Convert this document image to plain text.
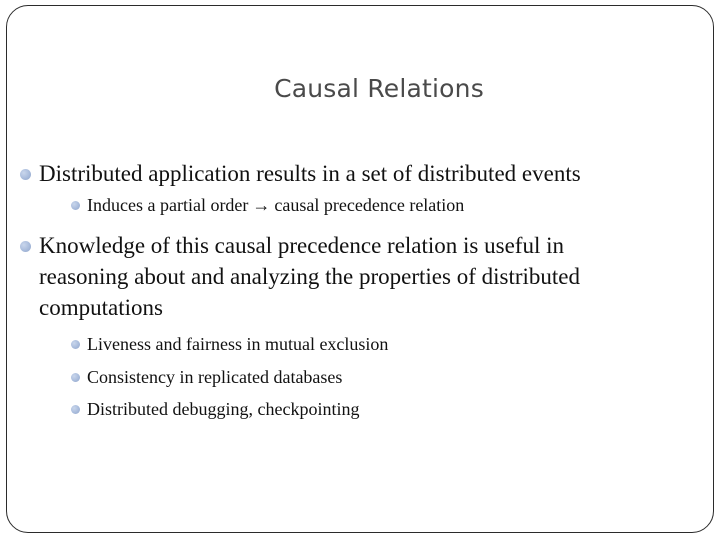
Causal Relations
Distributed application results in a set of distributed events
Induces a partial order → causal precedence relation
Knowledge of this causal precedence relation is useful in
reasoning about and analyzing the properties of distributed
computations
Liveness and fairness in mutual exclusion
Consistency in replicated databases
Distributed debugging, checkpointing
